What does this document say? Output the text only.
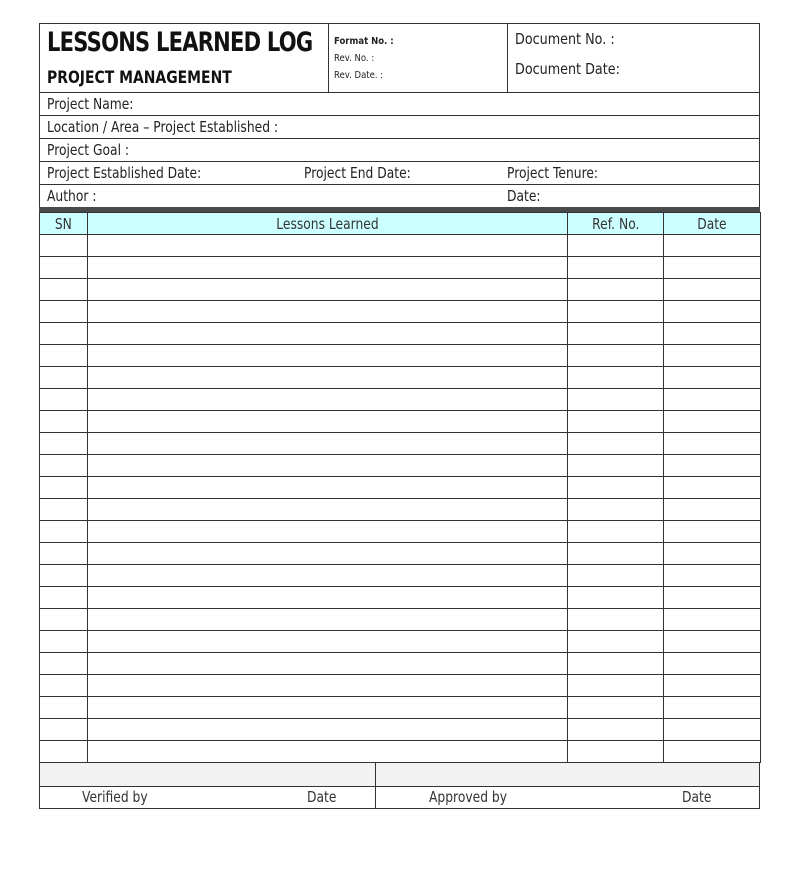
LESSONS LEARNED LOG
PROJECT MANAGEMENT
Format No. :
Rev. No. :
Rev. Date. :
Document No. :
Document Date:
Project Name:
Location / Area – Project Established :
Project Goal :
Project Established Date:	Project End Date:	Project Tenure:
Author :	Date:
SN	Lessons Learned	Ref. No.	Date

Verified by	Date	Approved by	Date
